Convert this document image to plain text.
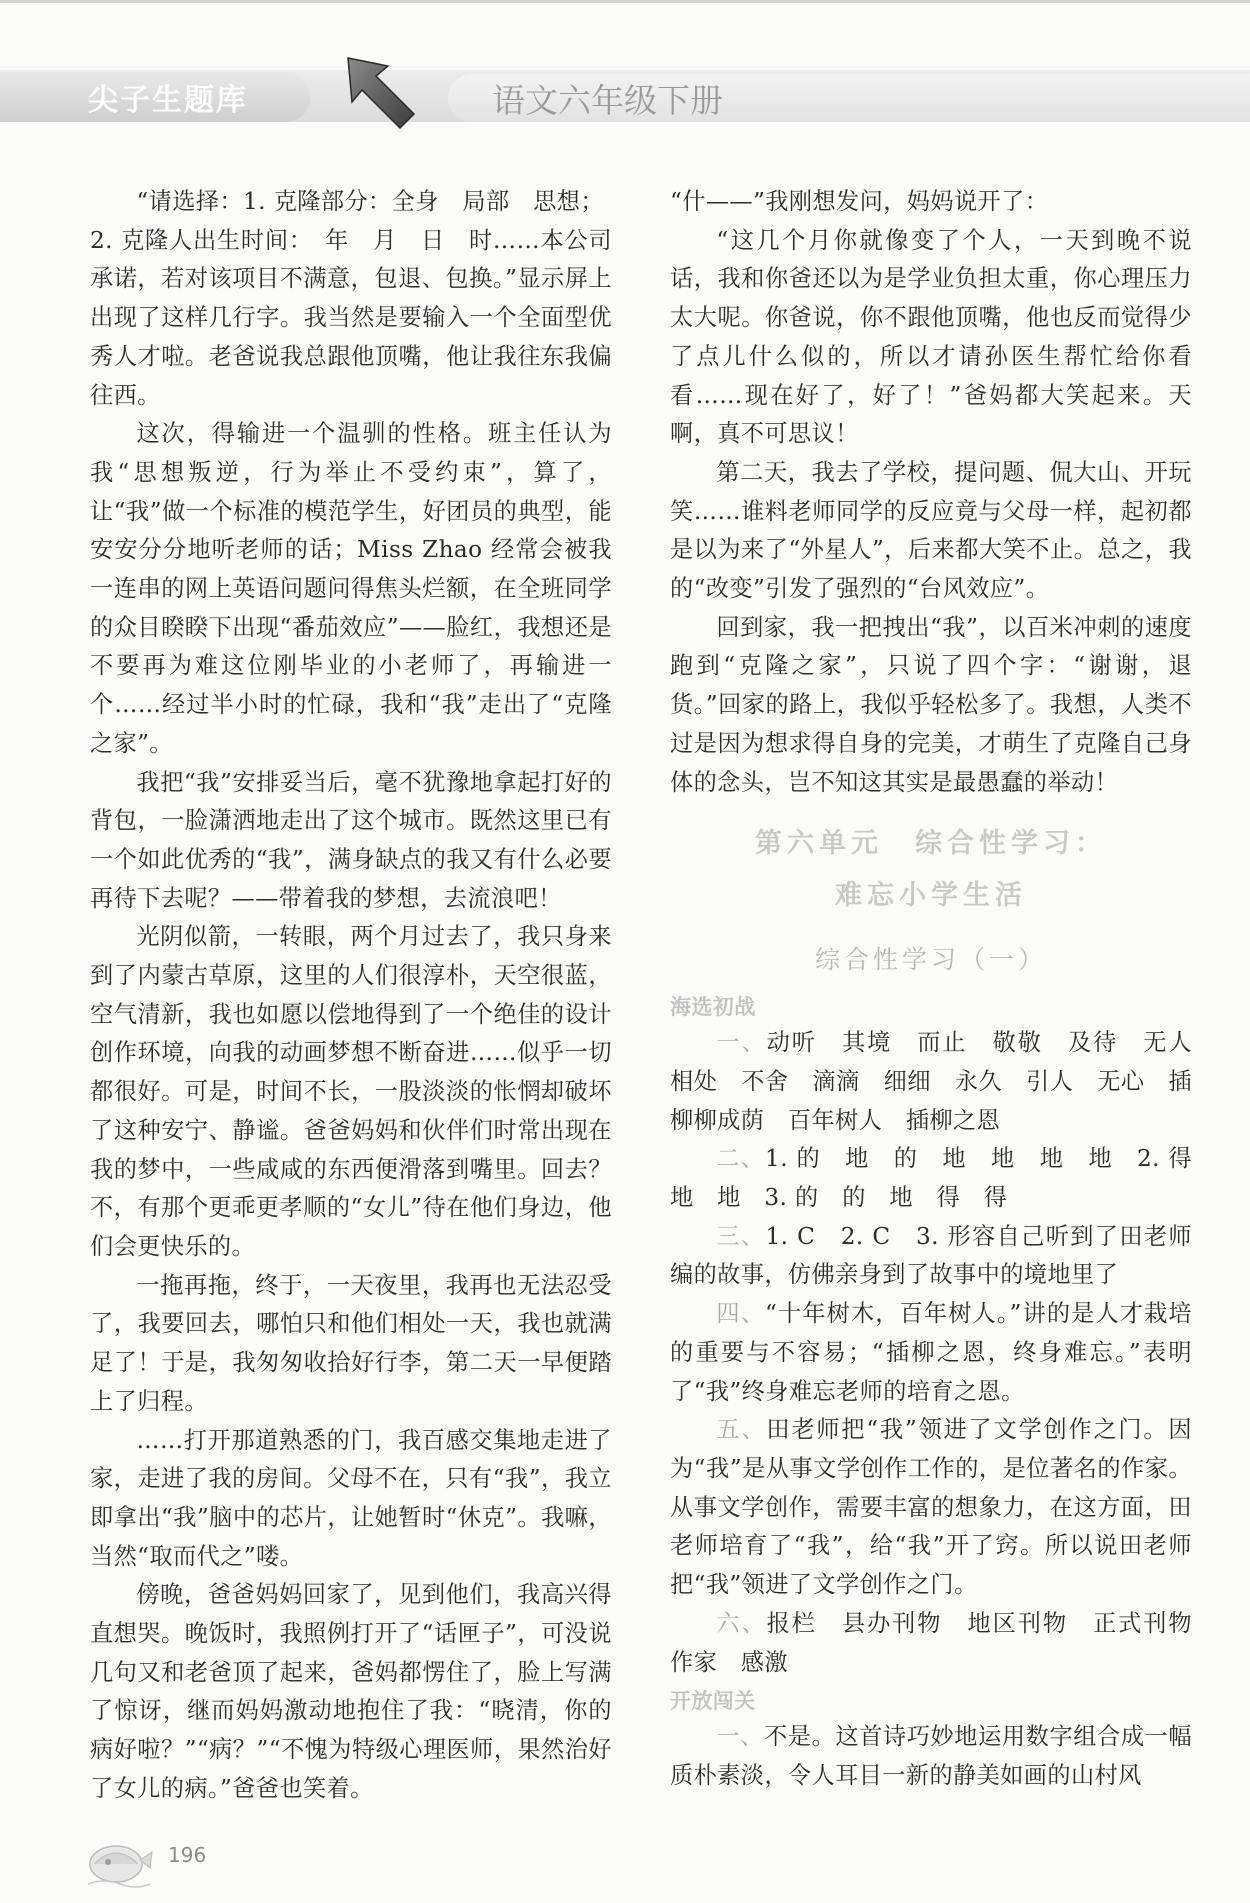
尖子生题库	语文六年级下册

“请选择：1. 克隆部分：全身　局部　思想；

2. 克隆人出生时间：　年　月　日　时……本公司承诺，若对该项目不满意，包退、包换。”显示屏上出现了这样几行字。我当然是要输入一个全面型优秀人才啦。老爸说我总跟他顶嘴，他让我往东我偏往西。

这次，得输进一个温驯的性格。班主任认为我“思想叛逆，行为举止不受约束”，算了，让“我”做一个标准的模范学生，好团员的典型，能安安分分地听老师的话；Miss Zhao 经常会被我一连串的网上英语问题问得焦头烂额，在全班同学的众目睽睽下出现“番茄效应”——脸红，我想还是不要再为难这位刚毕业的小老师了，再输进一个……经过半小时的忙碌，我和“我”走出了“克隆之家”。

我把“我”安排妥当后，毫不犹豫地拿起打好的背包，一脸潇洒地走出了这个城市。既然这里已有一个如此优秀的“我”，满身缺点的我又有什么必要再待下去呢？——带着我的梦想，去流浪吧！

光阴似箭，一转眼，两个月过去了，我只身来到了内蒙古草原，这里的人们很淳朴，天空很蓝，空气清新，我也如愿以偿地得到了一个绝佳的设计创作环境，向我的动画梦想不断奋进……似乎一切都很好。可是，时间不长，一股淡淡的怅惘却破坏了这种安宁、静谧。爸爸妈妈和伙伴们时常出现在我的梦中，一些咸咸的东西便滑落到嘴里。回去？不，有那个更乖更孝顺的“女儿”待在他们身边，他们会更快乐的。

一拖再拖，终于，一天夜里，我再也无法忍受了，我要回去，哪怕只和他们相处一天，我也就满足了！于是，我匆匆收拾好行李，第二天一早便踏上了归程。

……打开那道熟悉的门，我百感交集地走进了家，走进了我的房间。父母不在，只有“我”，我立即拿出“我”脑中的芯片，让她暂时“休克”。我嘛，当然“取而代之”喽。

傍晚，爸爸妈妈回家了，见到他们，我高兴得直想哭。晚饭时，我照例打开了“话匣子”，可没说几句又和老爸顶了起来，爸妈都愣住了，脸上写满了惊讶，继而妈妈激动地抱住了我：“晓清，你的病好啦？”“病？”“不愧为特级心理医师，果然治好了女儿的病。”爸爸也笑着。

“什——”我刚想发问，妈妈说开了：

“这几个月你就像变了个人，一天到晚不说话，我和你爸还以为是学业负担太重，你心理压力太大呢。你爸说，你不跟他顶嘴，他也反而觉得少了点儿什么似的，所以才请孙医生帮忙给你看看……现在好了，好了！”爸妈都大笑起来。天啊，真不可思议！

第二天，我去了学校，提问题、侃大山、开玩笑……谁料老师同学的反应竟与父母一样，起初都是以为来了“外星人”，后来都大笑不止。总之，我的“改变”引发了强烈的“台风效应”。

回到家，我一把拽出“我”，以百米冲刺的速度跑到“克隆之家”，只说了四个字：“谢谢，退货。”回家的路上，我似乎轻松多了。我想，人类不过是因为想求得自身的完美，才萌生了克隆自己身体的念头，岂不知这其实是最愚蠢的举动！

第六单元　综合性学习：
难忘小学生活
综合性学习（一）
海选初战

一、动听　其境　而止　敬敬　及待　无人　相处　不舍　滴滴　细细　永久　引人　无心　插柳柳成荫　百年树人　插柳之恩

二、1. 的　地　的　地　地　地　地　2. 得　地　地　3. 的　的　地　得　得

三、1. C　2. C　3. 形容自己听到了田老师编的故事，仿佛亲身到了故事中的境地里了

四、“十年树木，百年树人。”讲的是人才栽培的重要与不容易；“插柳之恩，终身难忘。”表明了“我”终身难忘老师的培育之恩。

五、田老师把“我”领进了文学创作之门。因为“我”是从事文学创作工作的，是位著名的作家。从事文学创作，需要丰富的想象力，在这方面，田老师培育了“我”，给“我”开了窍。所以说田老师把“我”领进了文学创作之门。

六、报栏　县办刊物　地区刊物　正式刊物　作家　感激

开放闯关

一、不是。这首诗巧妙地运用数字组合成一幅质朴素淡，令人耳目一新的静美如画的山村风

196
